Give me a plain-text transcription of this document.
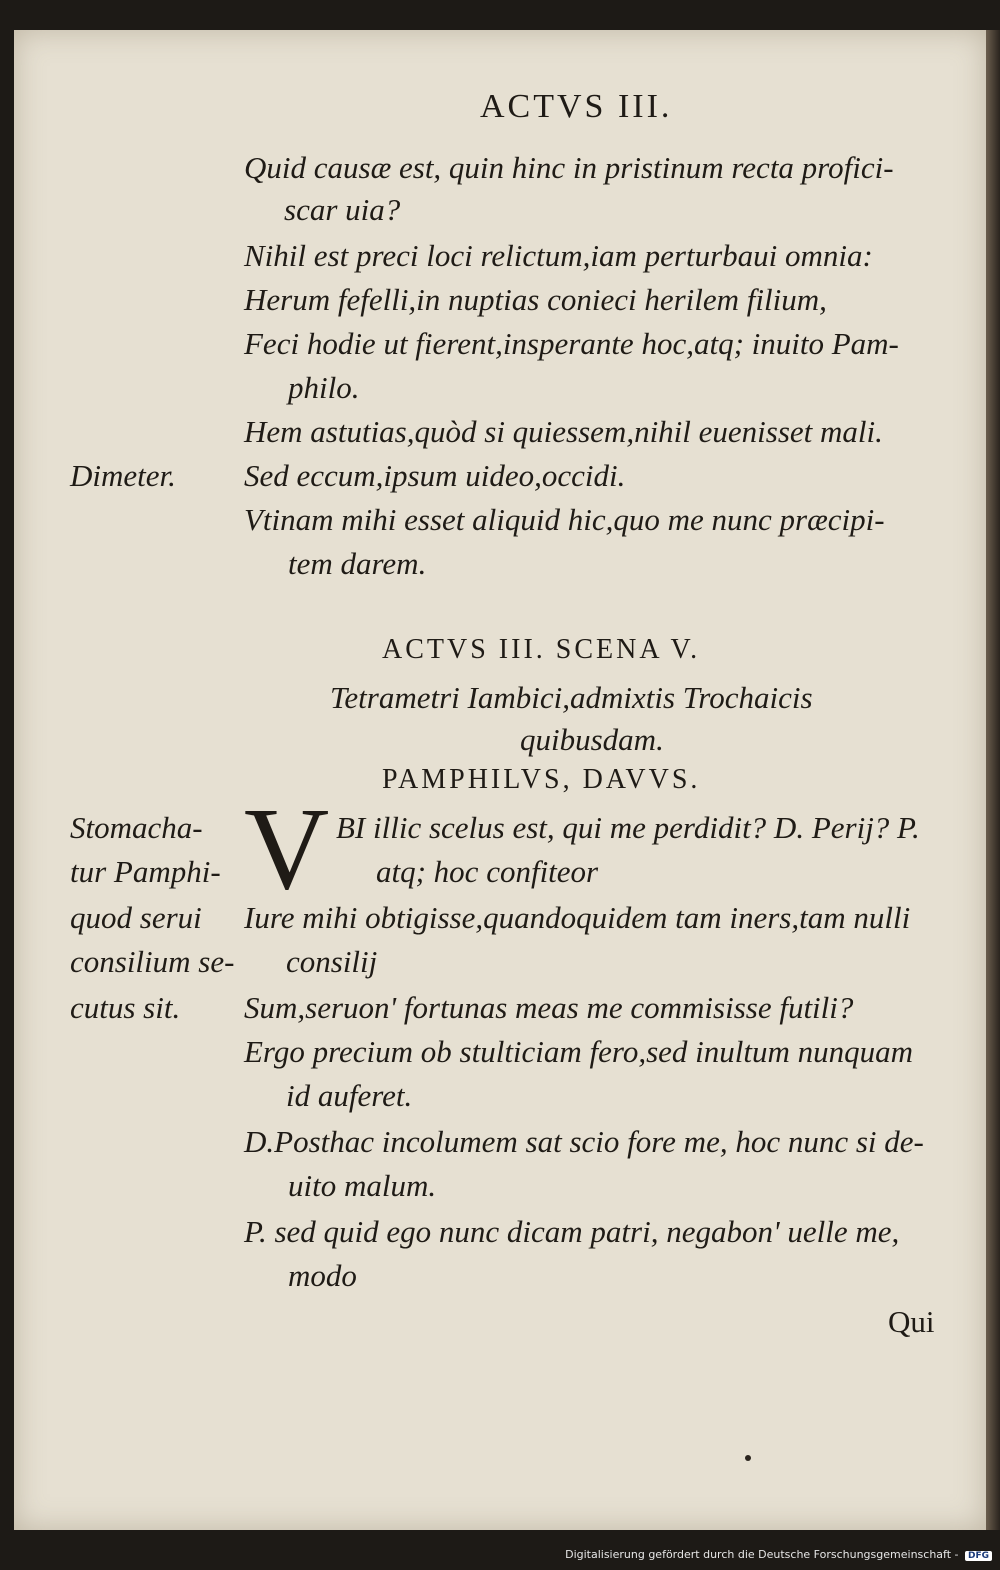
ACTVS III.
Quid causæ est, quin hinc in pristinum recta profici-
scar uia?
Nihil est preci loci relictum,iam perturbaui omnia:
Herum fefelli,in nuptias conieci herilem filium,
Feci hodie ut fierent,insperante hoc,atq; inuito Pam-
philo.
Hem astutias,quòd si quiessem,nihil euenisset mali.
Sed eccum,ipsum uideo,occidi.
Vtinam mihi esset aliquid hic,quo me nunc præcipi-
tem darem.
Dimeter.
ACTVS III. SCENA V.
Tetrametri Iambici,admixtis Trochaicis
quibusdam.
PAMPHILVS, DAVVS.
V BI illic scelus est, qui me perdidit? D. Perij? P.
atq; hoc confiteor
Iure mihi obtigisse,quandoquidem tam iners,tam nulli
consilij
Sum,seruon' fortunas meas me commisisse futili?
Ergo precium ob stulticiam fero,sed inultum nunquam
id auferet.
D.Posthac incolumem sat scio fore me, hoc nunc si de-
uito malum.
P. sed quid ego nunc dicam patri, negabon' uelle me,
modo
Stomacha-
tur Pamphi-
quod serui
consilium se-
cutus sit.
Qui
Digitalisierung gefördert durch die Deutsche Forschungsgemeinschaft - DFG
